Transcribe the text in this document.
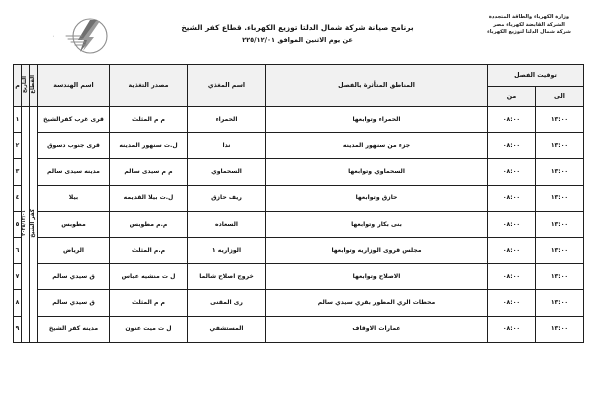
وزارة الكهرباء والطاقة المتجددة
الشركة القابضة لكهرباء مصر
شركة شمال الدلتا لتوزيع الكهرباء
برنامج صيانة شركة شمال الدلتا توزيع الكهرباء. قطاع كفر الشيخ
عن يوم الاثنين الموافق ٢٢٥/١٢/٠١
•
توقيت الفصل		المناطق المتأثرة بالفصل	اسم المغذي	مصدر التغذية	اسم الهندسة	القطاع	التاريخ	م
الى	من							
١٣:٠٠	٠٨:٠٠	الحمراء وتوابعها	الحمراء	م م المثلث	قرى غرب كفرالشيخ	كفر الشيخ	٢٠٢٥/١٢/٠١	١
١٣:٠٠	٠٨:٠٠	جزء من سنهور المدينه	ندا	ل.ت سنهور المدينه	قرى جنوب دسوق			٢
١٣:٠٠	٠٨:٠٠	السحماوي وتوابعها	السحماوي	م م سيدى سالم	مدينه سيدى سالم			٣
١٣:٠٠	٠٨:٠٠	حازق وتوابعها	ريف حازق	ل.ت بيلا القديمه	بيلا			٤
١٣:٠٠	٠٨:٠٠	بنى بكار وتوابعها	السعاده	م.م مطوبس	مطوبس			٥
١٣:٠٠	٠٨:٠٠	مجلس قروى الوزاريه وتوابعها	الوزاريه ١	م.م المثلث	الرياض			٦
١٣:٠٠	٠٨:٠٠	الاصلاح وتوابعها	خروج اصلاح شالما	ل ت منشيه عباس	ق سيدي سالم			٧
١٣:٠٠	٠٨:٠٠	محطات الري المطور بقري سيدي سالم	رى المقنى	م م المثلث	ق سيدي سالم			٨
١٣:٠٠	٠٨:٠٠	عمارات الاوقاف	المستشفي	ل ت ميت عنون	مدينه كفر الشيخ			٩
